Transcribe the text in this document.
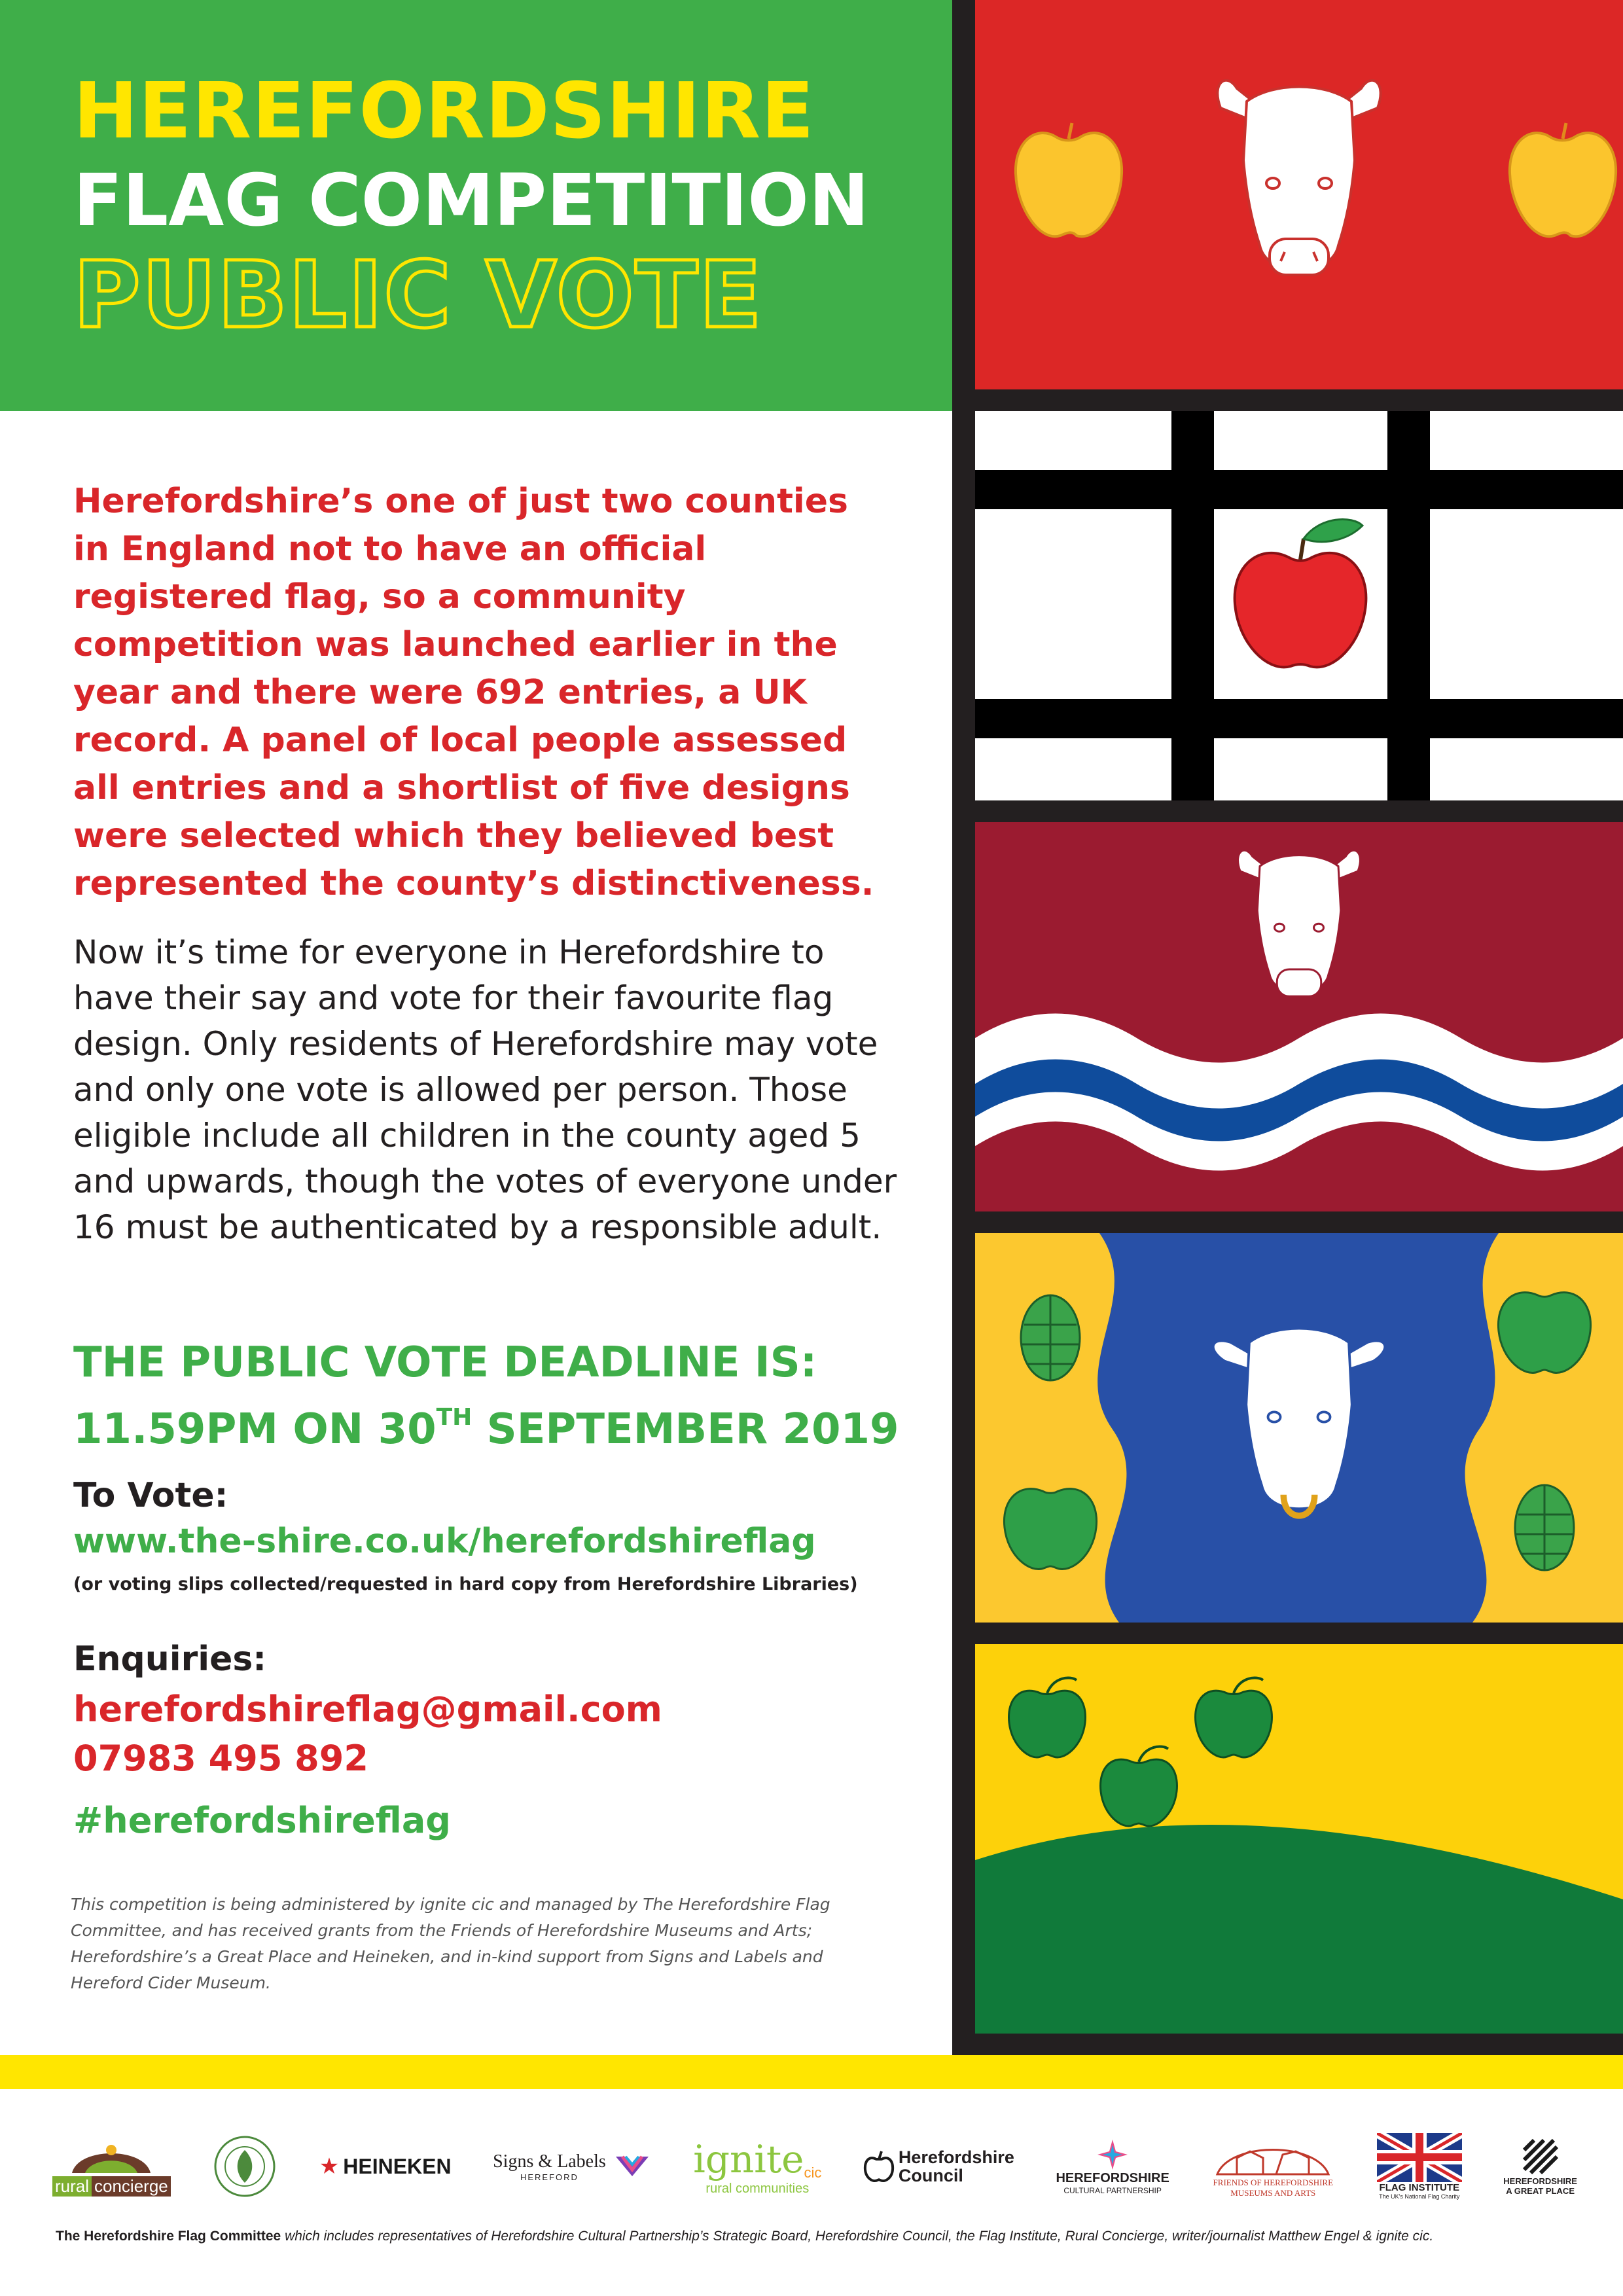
HEREFORDSHIRE
FLAG COMPETITION
PUBLIC VOTE
Herefordshire’s one of just two counties in England not to have an official registered flag, so a community competition was launched earlier in the year and there were 692 entries, a UK record. A panel of local people assessed all entries and a shortlist of five designs were selected which they believed best represented the county’s distinctiveness.
Now it’s time for everyone in Herefordshire to have their say and vote for their favourite flag design. Only residents of Herefordshire may vote and only one vote is allowed per person. Those eligible include all children in the county aged 5 and upwards, though the votes of everyone under 16 must be authenticated by a responsible adult.
THE PUBLIC VOTE DEADLINE IS:
11.59PM ON 30TH SEPTEMBER 2019
To Vote:
www.the-shire.co.uk/herefordshireflag
(or voting slips collected/requested in hard copy from Herefordshire Libraries)
Enquiries:
herefordshireflag@gmail.com
07983 495 892
#herefordshireflag
This competition is being administered by ignite cic and managed by The Herefordshire Flag Committee, and has received grants from the Friends of Herefordshire Museums and Arts; Herefordshire’s a Great Place and Heineken, and in-kind support from Signs and Labels and Hereford Cider Museum.
rural concierge
★ HEINEKEN Signs & Labels
HEREFORD	ignite cic
rural communities
Herefordshire
Council	HEREFORDSHIRE
CULTURAL PARTNERSHIP
FRIENDS OF HEREFORDSHIRE
MUSEUMS AND ARTS	FLAG INSTITUTE
The UK's National Flag Charity
HEREFORDSHIRE
A GREAT PLACE
The Herefordshire Flag Committee which includes representatives of Herefordshire Cultural Partnership’s Strategic Board, Herefordshire Council, the Flag Institute, Rural Concierge, writer/journalist Matthew Engel & ignite cic.
